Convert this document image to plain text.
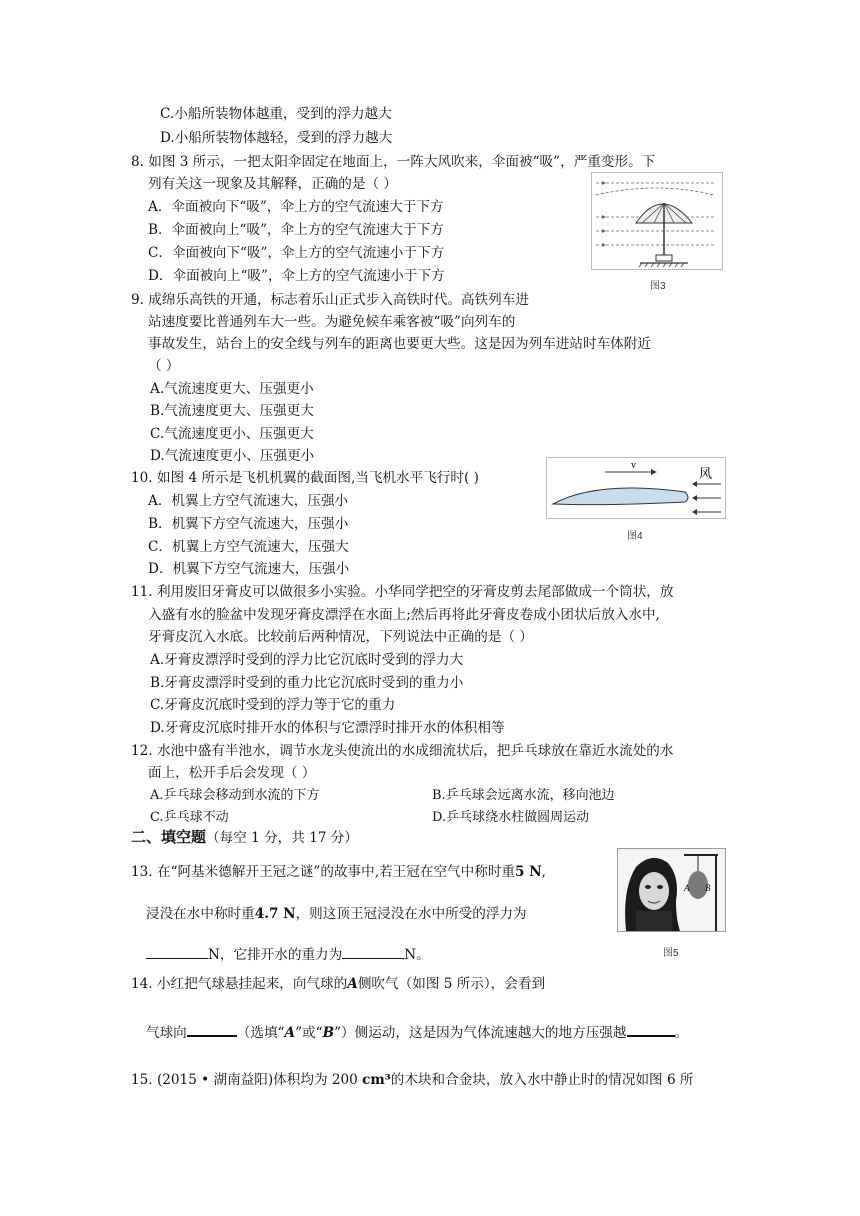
C.小船所装物体越重，受到的浮力越大
D.小船所装物体越轻，受到的浮力越大
8. 如图 3 所示，一把太阳伞固定在地面上，一阵大风吹来，伞面被“吸”，严重变形。下
列有关这一现象及其解释，正确的是（ ）
A．伞面被向下“吸”，伞上方的空气流速大于下方
B．伞面被向上“吸”，伞上方的空气流速大于下方
C．伞面被向下“吸”，伞上方的空气流速小于下方
D．伞面被向上“吸”，伞上方的空气流速小于下方
图3
9. 成绵乐高铁的开通，标志着乐山正式步入高铁时代。高铁列车进
站速度要比普通列车大一些。为避免候车乘客被“吸”向列车的
事故发生，站台上的安全线与列车的距离也要更大些。这是因为列车进站时车体附近
（ ）
A.气流速度更大、压强更小
B.气流速度更大、压强更大
C.气流速度更小、压强更大
D.气流速度更小、压强更小
10. 如图 4 所示是飞机机翼的截面图,当飞机水平飞行时( )
A．机翼上方空气流速大，压强小
B．机翼下方空气流速大，压强小
C．机翼上方空气流速大，压强大
D．机翼下方空气流速大，压强小
v
风
图4
11. 利用废旧牙膏皮可以做很多小实验。小华同学把空的牙膏皮剪去尾部做成一个筒状，放
入盛有水的脸盆中发现牙膏皮漂浮在水面上;然后再将此牙膏皮卷成小团状后放入水中,
牙膏皮沉入水底。比较前后两种情况，下列说法中正确的是（ ）
A.牙膏皮漂浮时受到的浮力比它沉底时受到的浮力大
B.牙膏皮漂浮时受到的重力比它沉底时受到的重力小
C.牙膏皮沉底时受到的浮力等于它的重力
D.牙膏皮沉底时排开水的体积与它漂浮时排开水的体积相等
12. 水池中盛有半池水，调节水龙头使流出的水成细流状后，把乒乓球放在靠近水流处的水
面上，松开手后会发现（ ）
A.乒乓球会移动到水流的下方	B.乒乓球会远离水流，移向池边
C.乒乓球不动	D.乒乓球绕水柱做圆周运动
二、填空题（每空 1 分，共 17 分）
13. 在“阿基米德解开王冠之谜”的故事中,若王冠在空气中称时重5 N,
浸没在水中称时重4.7 N，则这顶王冠浸没在水中所受的浮力为
N，它排开水的重力为	N。
A B
图5
14. 小红把气球悬挂起来，向气球的A侧吹气（如图 5 所示），会看到
气球向	（选填“A”或“B”）侧运动，这是因为气体流速越大的地方压强越	。
15. (2015 • 湖南益阳)体积均为 200 cm³的木块和合金块，放入水中静止时的情况如图 6 所
